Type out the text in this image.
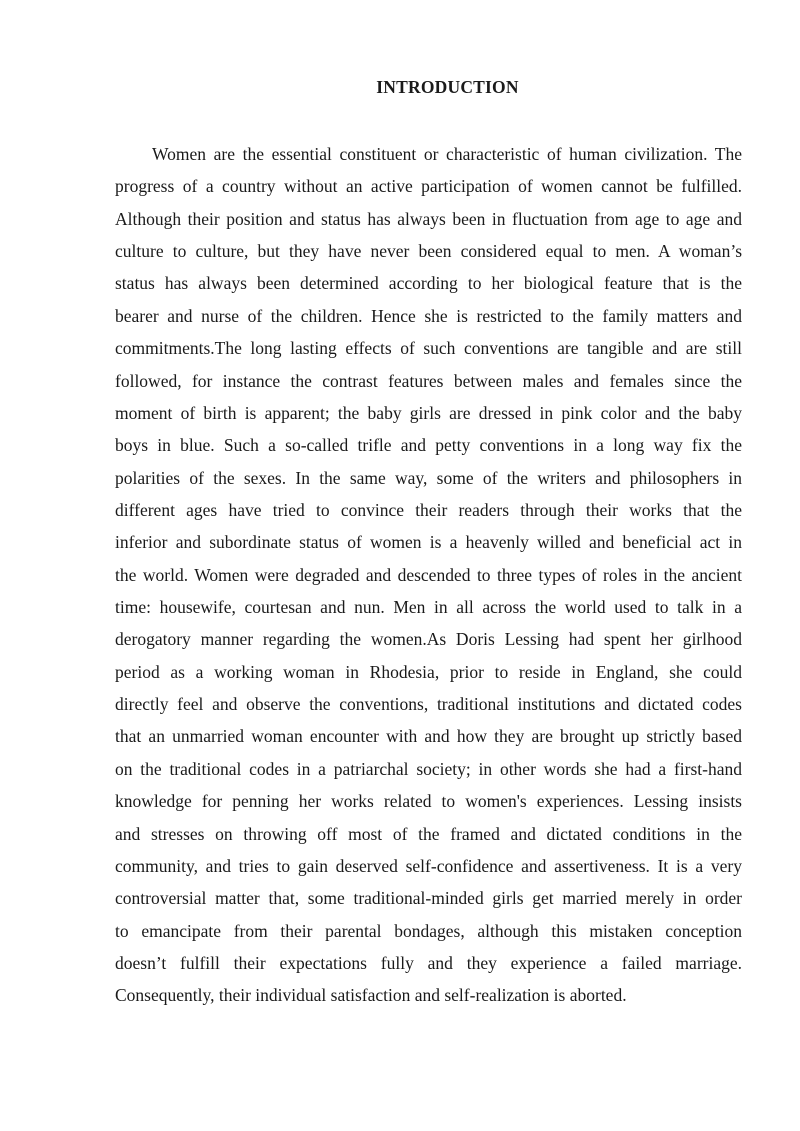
INTRODUCTION
Women are the essential constituent or characteristic of human civilization. The
progress of a country without an active participation of women cannot be fulfilled.
Although their position and status has always been in fluctuation from age to age and
culture to culture, but they have never been considered equal to men. A woman’s
status has always been determined according to her biological feature that is the
bearer and nurse of the children. Hence she is restricted to the family matters and
commitments.The long lasting effects of such conventions are tangible and are still
followed, for instance the contrast features between males and females since the
moment of birth is apparent; the baby girls are dressed in pink color and the baby
boys in blue. Such a so-called trifle and petty conventions in a long way fix the
polarities of the sexes. In the same way, some of the writers and philosophers in
different ages have tried to convince their readers through their works that the
inferior and subordinate status of women is a heavenly willed and beneficial act in
the world. Women were degraded and descended to three types of roles in the ancient
time: housewife, courtesan and nun. Men in all across the world used to talk in a
derogatory manner regarding the women.As Doris Lessing had spent her girlhood
period as a working woman in Rhodesia, prior to reside in England, she could
directly feel and observe the conventions, traditional institutions and dictated codes
that an unmarried woman encounter with and how they are brought up strictly based
on the traditional codes in a patriarchal society; in other words she had a first-hand
knowledge for penning her works related to women's experiences. Lessing insists
and stresses on throwing off most of the framed and dictated conditions in the
community, and tries to gain deserved self-confidence and assertiveness. It is a very
controversial matter that, some traditional-minded girls get married merely in order
to emancipate from their parental bondages, although this mistaken conception
doesn’t fulfill their expectations fully and they experience a failed marriage.
Consequently, their individual satisfaction and self-realization is aborted.
